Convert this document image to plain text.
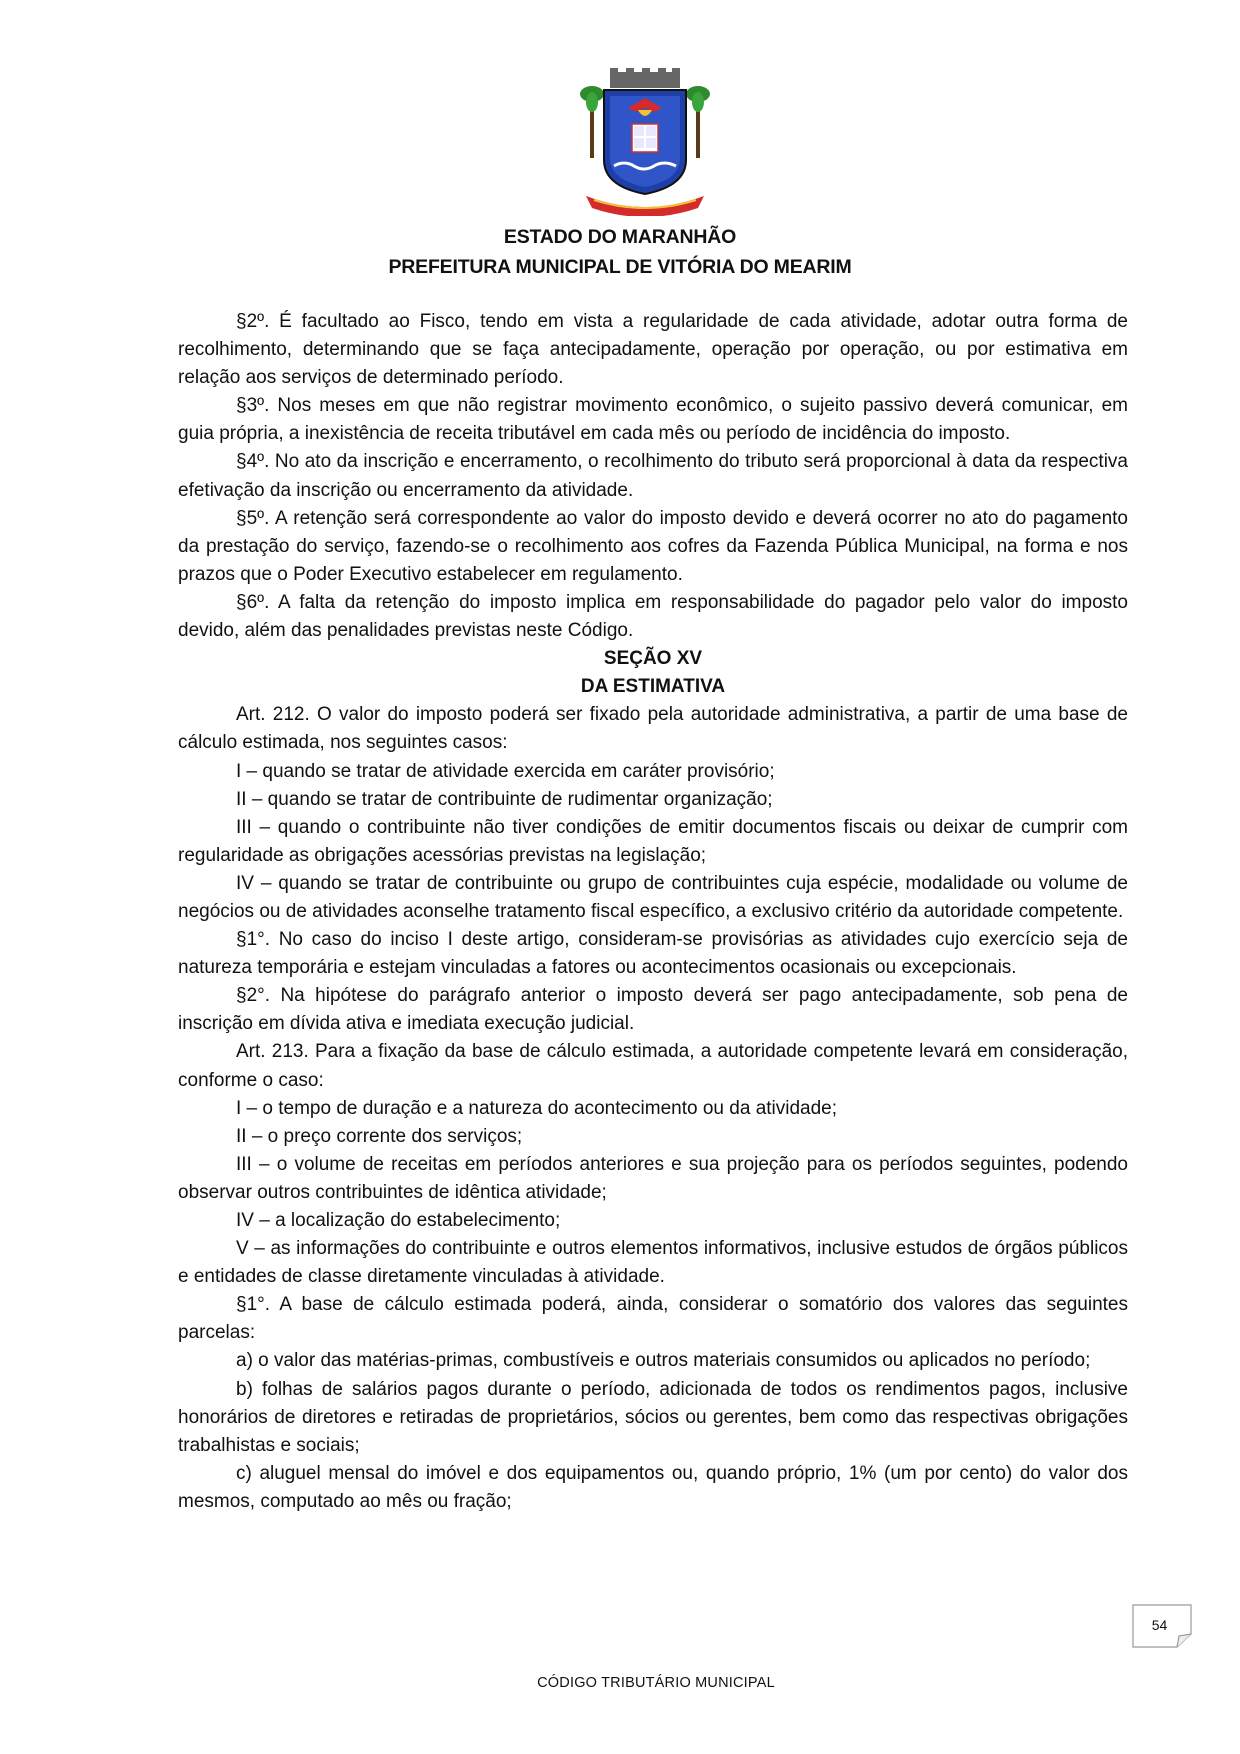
ESTADO DO MARANHÃO
PREFEITURA MUNICIPAL DE VITÓRIA DO MEARIM

§2º. É facultado ao Fisco, tendo em vista a regularidade de cada atividade, adotar outra forma de recolhimento, determinando que se faça antecipadamente, operação por operação, ou por estimativa em relação aos serviços de determinado período.

§3º. Nos meses em que não registrar movimento econômico, o sujeito passivo deverá comunicar, em guia própria, a inexistência de receita tributável em cada mês ou período de incidência do imposto.

§4º. No ato da inscrição e encerramento, o recolhimento do tributo será proporcional à data da respectiva efetivação da inscrição ou encerramento da atividade.

§5º. A retenção será correspondente ao valor do imposto devido e deverá ocorrer no ato do pagamento da prestação do serviço, fazendo-se o recolhimento aos cofres da Fazenda Pública Municipal, na forma e nos prazos que o Poder Executivo estabelecer em regulamento.

§6º. A falta da retenção do imposto implica em responsabilidade do pagador pelo valor do imposto devido, além das penalidades previstas neste Código.

SEÇÃO XV

DA ESTIMATIVA

Art. 212. O valor do imposto poderá ser fixado pela autoridade administrativa, a partir de uma base de cálculo estimada, nos seguintes casos:

I – quando se tratar de atividade exercida em caráter provisório;

II – quando se tratar de contribuinte de rudimentar organização;

III – quando o contribuinte não tiver condições de emitir documentos fiscais ou deixar de cumprir com regularidade as obrigações acessórias previstas na legislação;

IV – quando se tratar de contribuinte ou grupo de contribuintes cuja espécie, modalidade ou volume de negócios ou de atividades aconselhe tratamento fiscal específico, a exclusivo critério da autoridade competente.

§1°. No caso do inciso I deste artigo, consideram-se provisórias as atividades cujo exercício seja de natureza temporária e estejam vinculadas a fatores ou acontecimentos ocasionais ou excepcionais.

§2°. Na hipótese do parágrafo anterior o imposto deverá ser pago antecipadamente, sob pena de inscrição em dívida ativa e imediata execução judicial.

Art. 213. Para a fixação da base de cálculo estimada, a autoridade competente levará em consideração, conforme o caso:

I – o tempo de duração e a natureza do acontecimento ou da atividade;

II – o preço corrente dos serviços;

III – o volume de receitas em períodos anteriores e sua projeção para os períodos seguintes, podendo observar outros contribuintes de idêntica atividade;

IV – a localização do estabelecimento;

V – as informações do contribuinte e outros elementos informativos, inclusive estudos de órgãos públicos e entidades de classe diretamente vinculadas à atividade.

§1°. A base de cálculo estimada poderá, ainda, considerar o somatório dos valores das seguintes parcelas:

a) o valor das matérias-primas, combustíveis e outros materiais consumidos ou aplicados no período;

b) folhas de salários pagos durante o período, adicionada de todos os rendimentos pagos, inclusive honorários de diretores e retiradas de proprietários, sócios ou gerentes, bem como das respectivas obrigações trabalhistas e sociais;

c) aluguel mensal do imóvel e dos equipamentos ou, quando próprio, 1% (um por cento) do valor dos mesmos, computado ao mês ou fração;

54
CÓDIGO TRIBUTÁRIO MUNICIPAL
